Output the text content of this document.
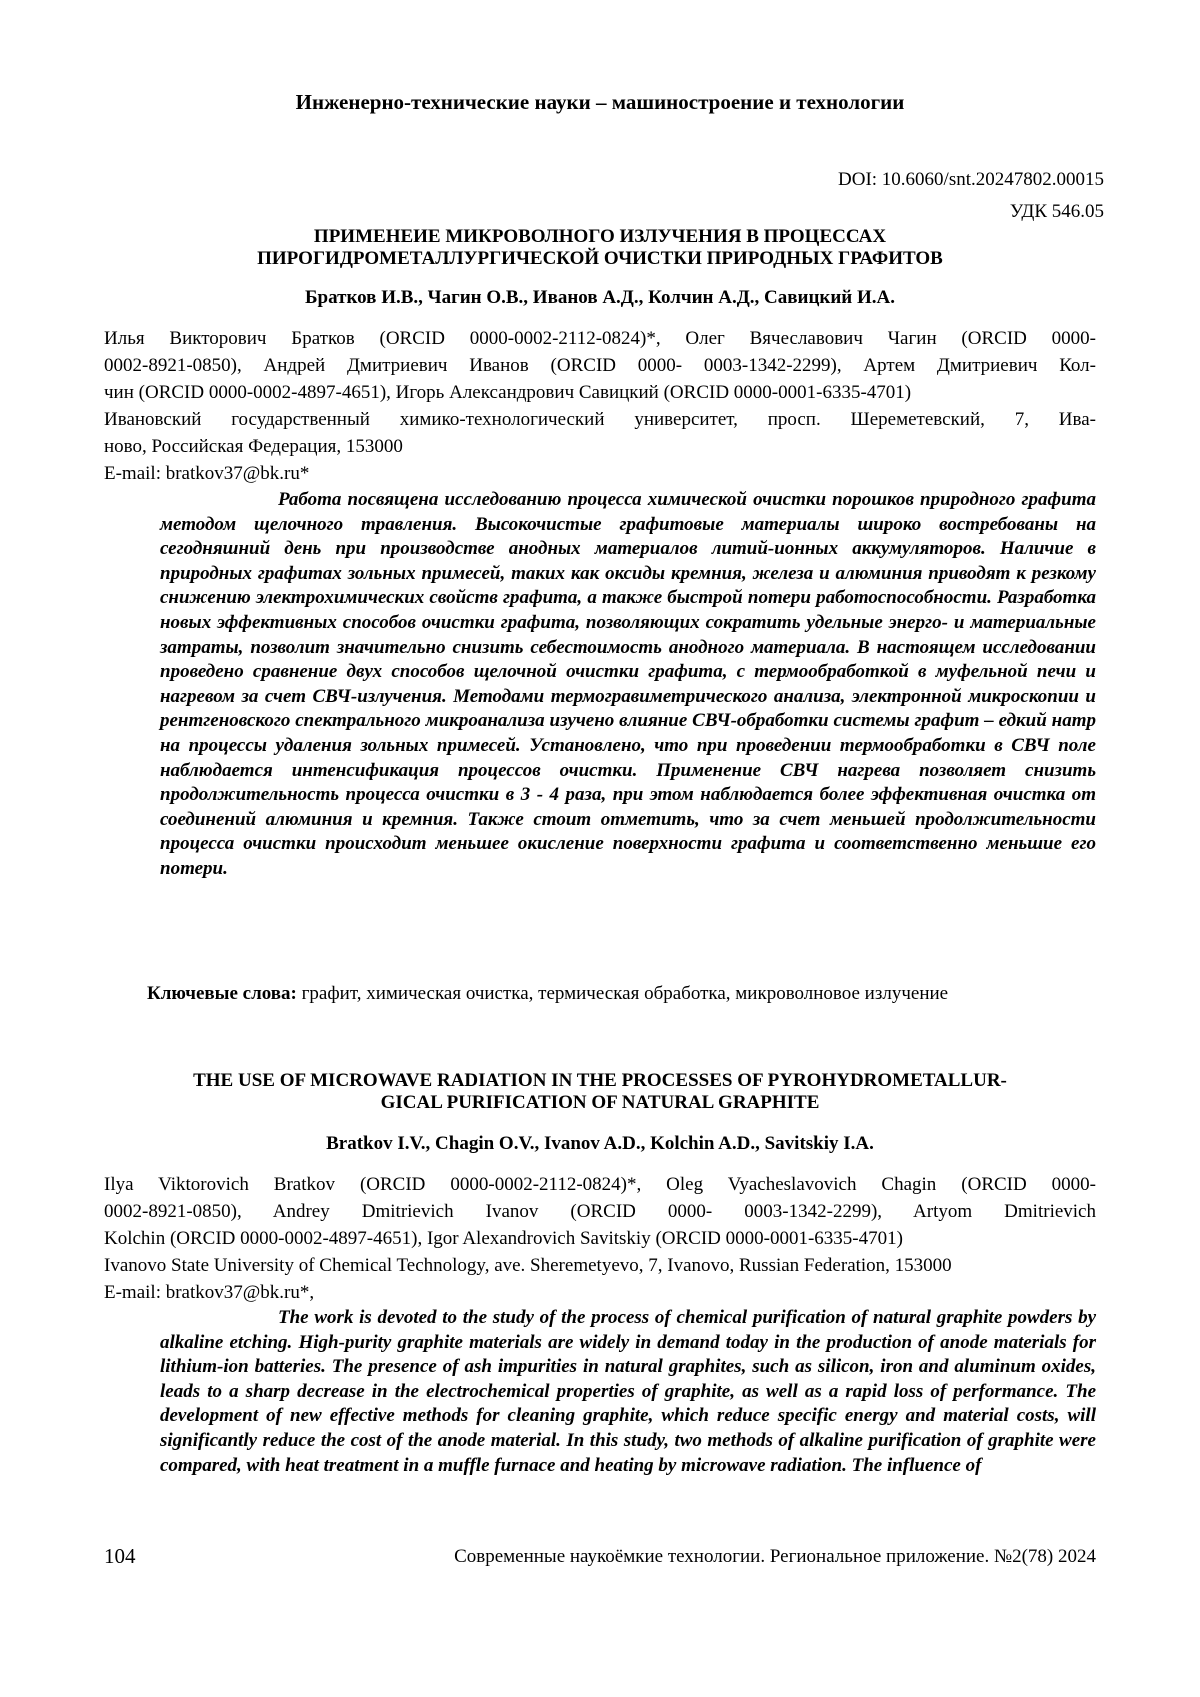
Инженерно-технические науки – машиностроение и технологии
DOI: 10.6060/snt.20247802.00015
УДК 546.05
ПРИМЕНЕИЕ МИКРОВОЛНОГО ИЗЛУЧЕНИЯ В ПРОЦЕССАХ
ПИРОГИДРОМЕТАЛЛУРГИЧЕСКОЙ ОЧИСТКИ ПРИРОДНЫХ ГРАФИТОВ
Братков И.В., Чагин О.В., Иванов А.Д., Колчин А.Д., Савицкий И.А.

Илья Викторович Братков (ORCID 0000-0002-2112-0824)*, Олег Вячеславович Чагин (ORCID 0000-

0002-8921-0850), Андрей Дмитриевич Иванов (ORCID 0000- 0003-1342-2299), Артем Дмитриевич Кол-

чин (ORCID 0000-0002-4897-4651), Игорь Александрович Савицкий (ORCID 0000-0001-6335-4701)

Ивановский государственный химико-технологический университет, просп. Шереметевский, 7, Ива-

ново, Российская Федерация, 153000

E-mail: bratkov37@bk.ru*

Работа посвящена исследованию процесса химической очистки порошков природного графита методом щелочного травления. Высокочистые графитовые материалы широко востребованы на сегодняшний день при производстве анодных материалов литий-ионных аккумуляторов. Наличие в природных графитах зольных примесей, таких как оксиды кремния, железа и алюминия приводят к резкому снижению электрохимических свойств графита, а также быстрой потери работоспособности. Разработка новых эффективных способов очистки графита, позволяющих сократить удельные энерго- и материальные затраты, позволит значительно снизить себестоимость анодного материала. В настоящем исследовании проведено сравнение двух способов щелочной очистки графита, с термообработкой в муфельной печи и нагревом за счет СВЧ-излучения. Методами термогравиметрического анализа, электронной микроскопии и рентгеновского спектрального микроанализа изучено влияние СВЧ-обработки системы графит – едкий натр на процессы удаления зольных примесей. Установлено, что при проведении термообработки в СВЧ поле наблюдается интенсификация процессов очистки. Применение СВЧ нагрева позволяет снизить продолжительность процесса очистки в 3 - 4 раза, при этом наблюдается более эффективная очистка от соединений алюминия и кремния. Также стоит отметить, что за счет меньшей продолжительности процесса очистки происходит меньшее окисление поверхности графита и соответственно меньшие его потери.
Ключевые слова: графит, химическая очистка, термическая обработка, микроволновое излучение
THE USE OF MICROWAVE RADIATION IN THE PROCESSES OF PYROHYDROMETALLUR-
GICAL PURIFICATION OF NATURAL GRAPHITE
Bratkov I.V., Chagin O.V., Ivanov A.D., Kolchin A.D., Savitskiy I.A.

Ilya Viktorovich Bratkov (ORCID 0000-0002-2112-0824)*, Oleg Vyacheslavovich Chagin (ORCID 0000-

0002-8921-0850), Andrey Dmitrievich Ivanov (ORCID 0000- 0003-1342-2299), Artyom Dmitrievich

Kolchin (ORCID 0000-0002-4897-4651), Igor Alexandrovich Savitskiy (ORCID 0000-0001-6335-4701)

Ivanovo State University of Chemical Technology, ave. Sheremetyevo, 7, Ivanovo, Russian Federation, 153000

E-mail: bratkov37@bk.ru*,

The work is devoted to the study of the process of chemical purification of natural graphite powders by alkaline etching. High-purity graphite materials are widely in demand today in the production of anode materials for lithium-ion batteries. The presence of ash impurities in natural graphites, such as silicon, iron and aluminum oxides, leads to a sharp decrease in the electrochemical properties of graphite, as well as a rapid loss of performance. The development of new effective methods for cleaning graphite, which reduce specific energy and material costs, will significantly reduce the cost of the anode material. In this study, two methods of alkaline purification of graphite were compared, with heat treatment in a muffle furnace and heating by microwave radiation. The influence of
104	Современные наукоёмкие технологии. Региональное приложение. №2(78) 2024
